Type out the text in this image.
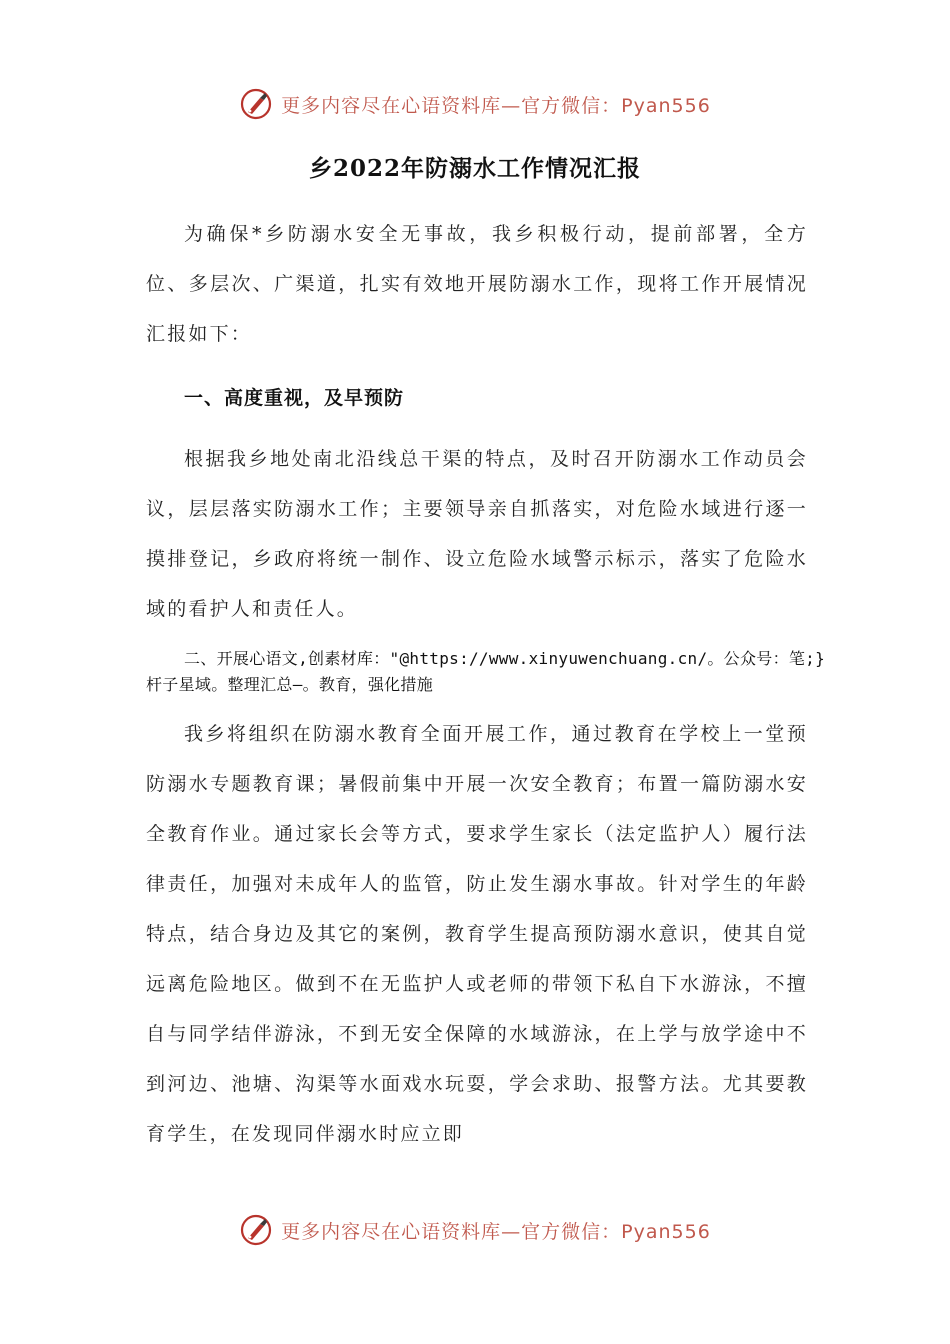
更多内容尽在心语资料库—官方微信：Pyan556
乡2022年防溺水工作情况汇报

为确保*乡防溺水安全无事故，我乡积极行动，提前部署，全方位、多层次、广渠道，扎实有效地开展防溺水工作，现将工作开展情况汇报如下：

一、高度重视，及早预防

根据我乡地处南北沿线总干渠的特点，及时召开防溺水工作动员会议，层层落实防溺水工作；主要领导亲自抓落实，对危险水域进行逐一摸排登记，乡政府将统一制作、设立危险水域警示标示，落实了危险水域的看护人和责任人。

二、开展心语文,创素材库："@https://www.xinyuwenchuang.cn/。公众号：笔;}杆子星域。整理汇总—。教育，强化措施

我乡将组织在防溺水教育全面开展工作，通过教育在学校上一堂预防溺水专题教育课；暑假前集中开展一次安全教育；布置一篇防溺水安全教育作业。通过家长会等方式，要求学生家长（法定监护人）履行法律责任，加强对未成年人的监管，防止发生溺水事故。针对学生的年龄特点，结合身边及其它的案例，教育学生提高预防溺水意识，使其自觉远离危险地区。做到不在无监护人或老师的带领下私自下水游泳，不擅自与同学结伴游泳，不到无安全保障的水域游泳，在上学与放学途中不到河边、池塘、沟渠等水面戏水玩耍，学会求助、报警方法。尤其要教育学生，在发现同伴溺水时应立即

更多内容尽在心语资料库—官方微信：Pyan556
